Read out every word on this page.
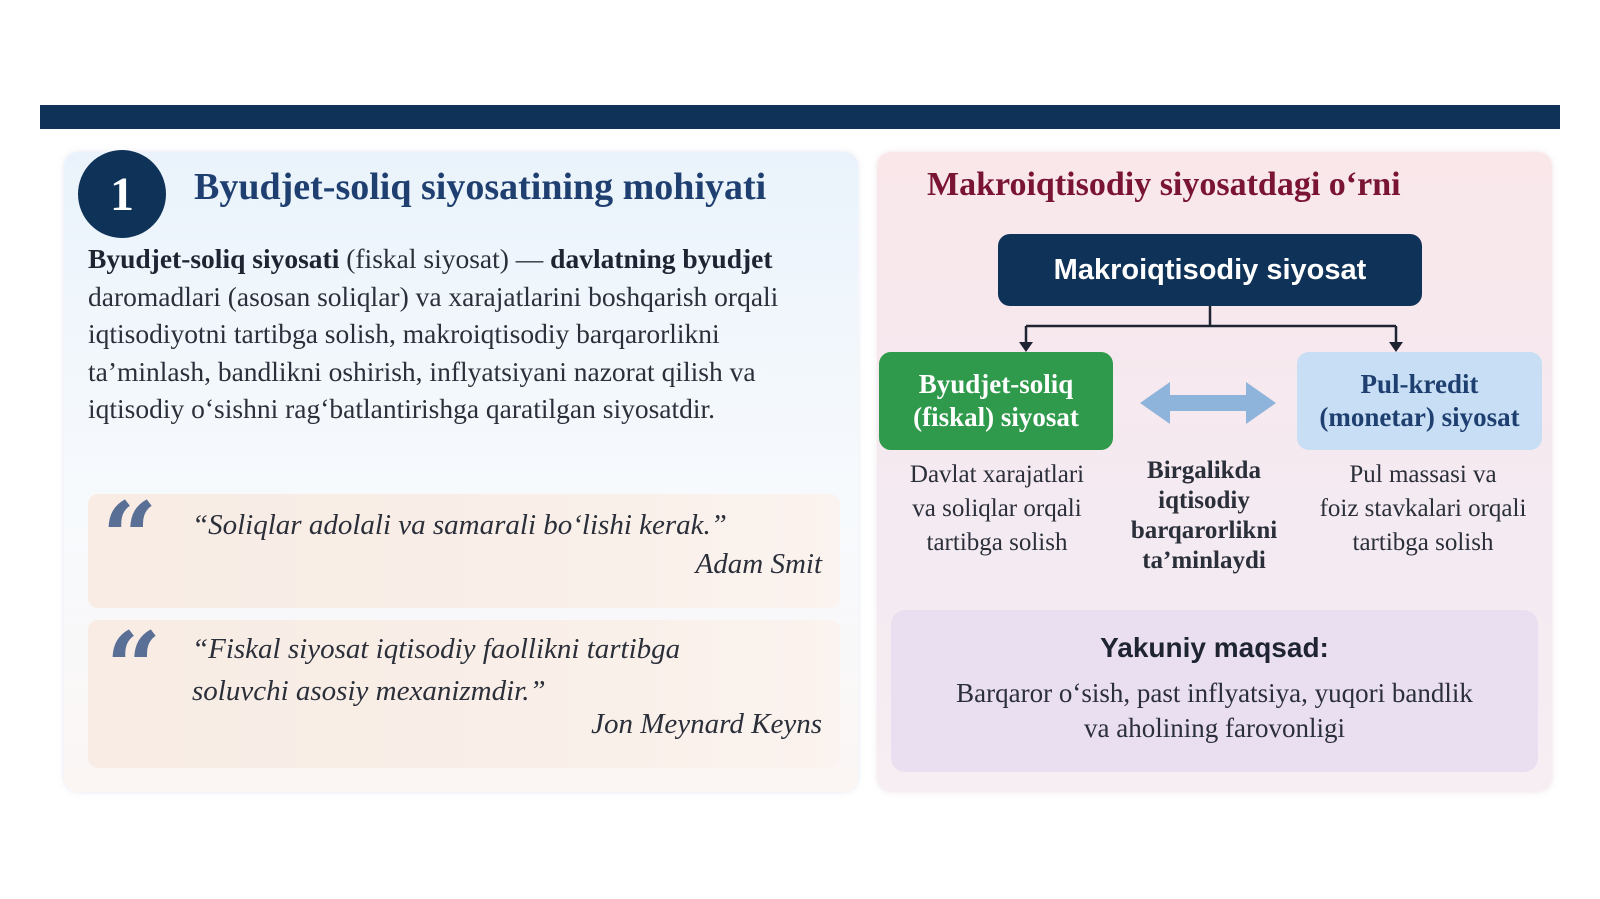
1	Byudjet-soliq siyosatining mohiyati
Byudjet-soliq siyosati (fiskal siyosat) — davlatning byudjet daromadlari (asosan soliqlar) va xarajatlarini boshqarish orqali iqtisodiyotni tartibga solish, makroiqtisodiy barqarorlikni ta’minlash, bandlikni oshirish, inflyatsiyani nazorat qilish va iqtisodiy o‘sishni rag‘batlantirishga qaratilgan siyosatdir.
“ “Soliqlar adolali va samarali bo‘lishi kerak.”
Adam Smit
“ “Fiskal siyosat iqtisodiy faollikni tartibga
soluvchi asosiy mexanizmdir.”
Jon Meynard Keyns
Makroiqtisodiy siyosatdagi o‘rni
Makroiqtisodiy siyosat
Byudjet-soliq
(fiskal) siyosat
Pul-kredit
(monetar) siyosat
Davlat xarajatlari
va soliqlar orqali
tartibga solish
Birgalikda
iqtisodiy
barqarorlikni
ta’minlaydi
Pul massasi va
foiz stavkalari orqali
tartibga solish
Yakuniy maqsad:
Barqaror o‘sish, past inflyatsiya, yuqori bandlik
va aholining farovonligi
